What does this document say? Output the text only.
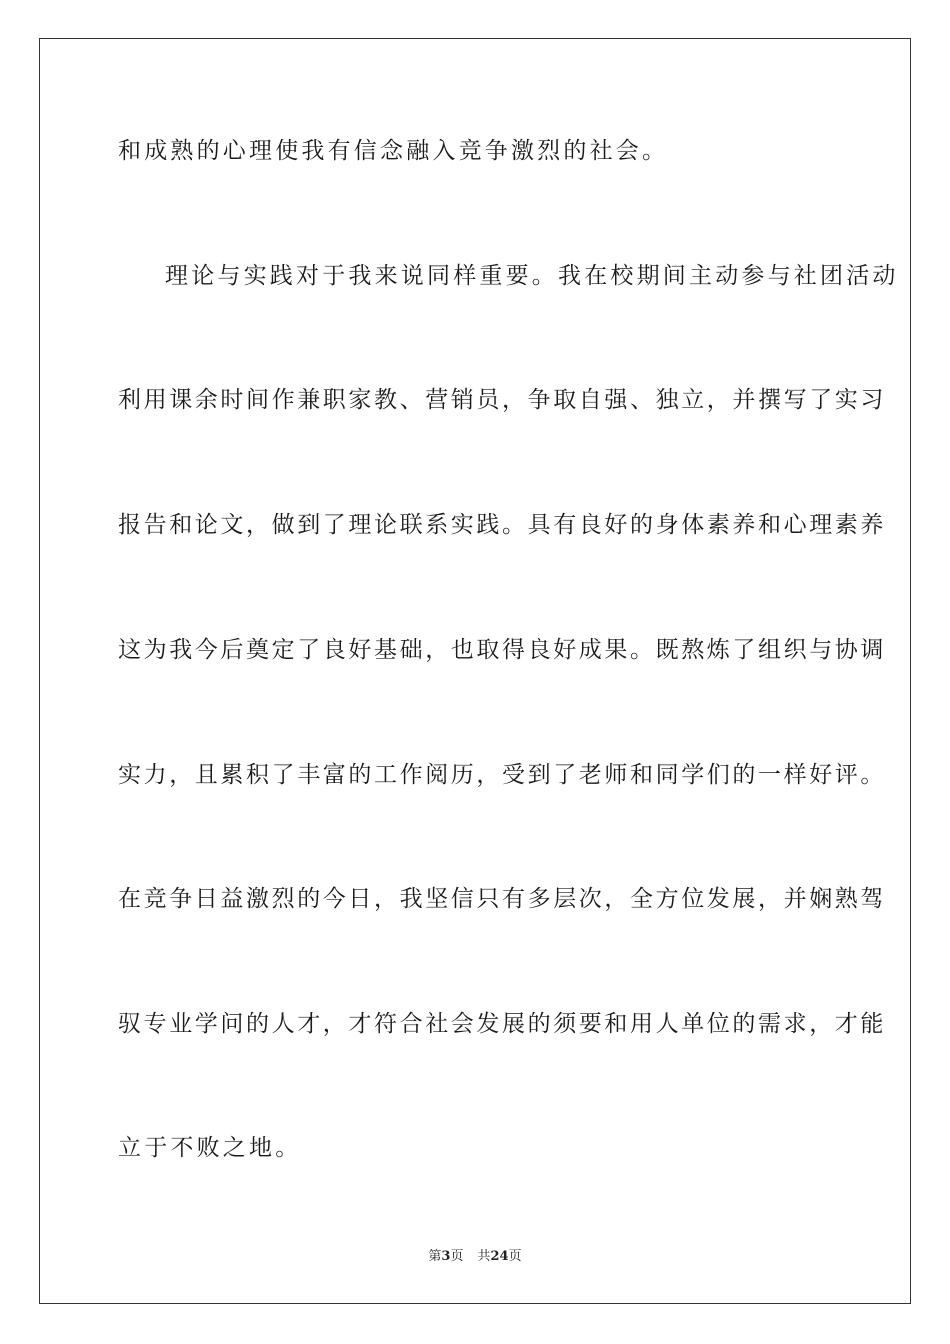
和成熟的心理使我有信念融入竞争激烈的社会。
理论与实践对于我来说同样重要。我在校期间主动参与社团活动
利用课余时间作兼职家教、营销员，争取自强、独立，并撰写了实习
报告和论文，做到了理论联系实践。具有良好的身体素养和心理素养
这为我今后奠定了良好基础，也取得良好成果。既熬炼了组织与协调
实力，且累积了丰富的工作阅历，受到了老师和同学们的一样好评。
在竞争日益激烈的今日，我坚信只有多层次，全方位发展，并娴熟驾
驭专业学问的人才，才符合社会发展的须要和用人单位的需求，才能
立于不败之地。
第3页 共24页
